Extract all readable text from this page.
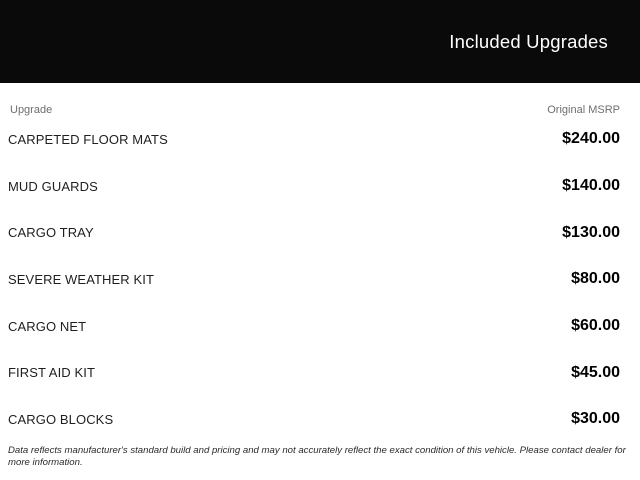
Included Upgrades
Upgrade	Original MSRP
CARPETED FLOOR MATS	$240.00
MUD GUARDS	$140.00
CARGO TRAY	$130.00
SEVERE WEATHER KIT	$80.00
CARGO NET	$60.00
FIRST AID KIT	$45.00
CARGO BLOCKS	$30.00
Data reflects manufacturer's standard build and pricing and may not accurately reflect the exact condition of this vehicle. Please contact dealer for more information.
